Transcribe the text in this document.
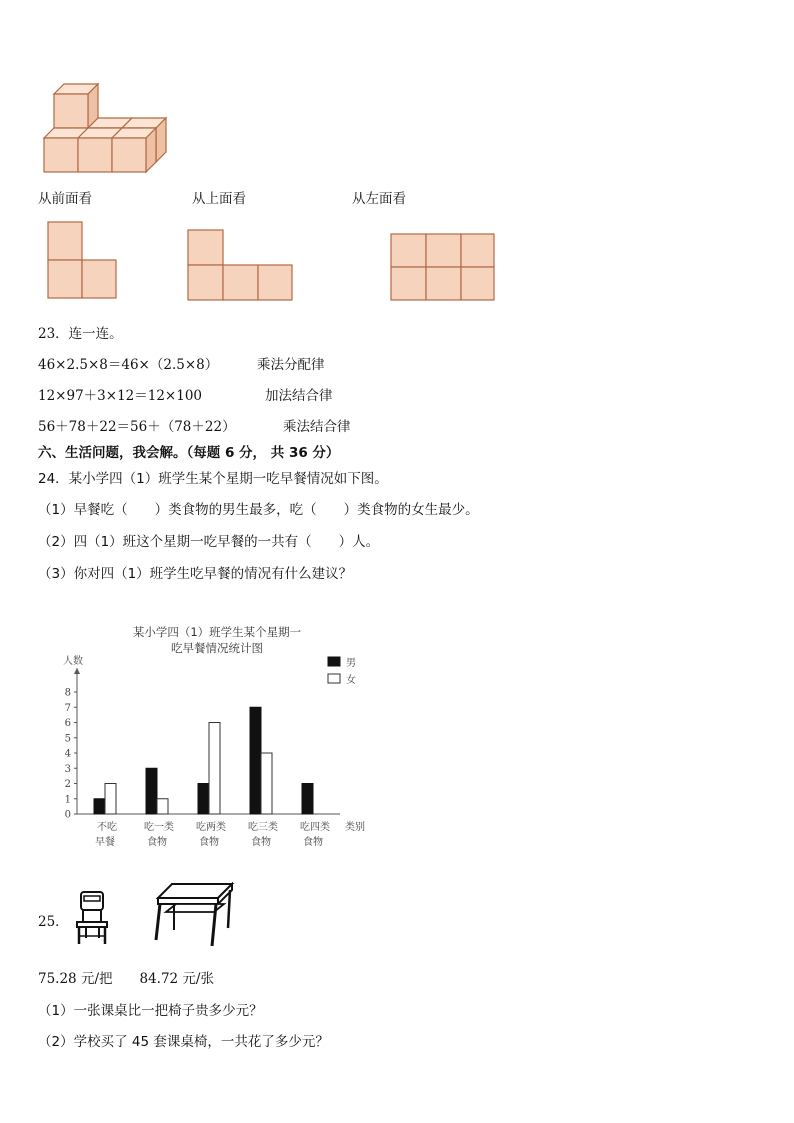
从前面看	从上面看	从左面看
23．连一连。
46×2.5×8＝46×（2.5×8）	乘法分配律
12×97＋3×12＝12×100	加法结合律
56＋78＋22＝56＋（78＋22）	乘法结合律
六、生活问题，我会解。（每题 6 分， 共 36 分）
24．某小学四（1）班学生某个星期一吃早餐情况如下图。
（1）早餐吃（　　）类食物的男生最多，吃（　　）类食物的女生最少。
（2）四（1）班这个星期一吃早餐的一共有（　　）人。
（3）你对四（1）班学生吃早餐的情况有什么建议？
某小学四（1）班学生某个星期一
吃早餐情况统计图
人数
类别
男
女
0
1
2
3
4
5
6
7
8
不吃
早餐
吃一类
食物
吃两类
食物
吃三类
食物
吃四类
食物
25．
75.28 元/把　　84.72 元/张
（1）一张课桌比一把椅子贵多少元？
（2）学校买了 45 套课桌椅，一共花了多少元？
